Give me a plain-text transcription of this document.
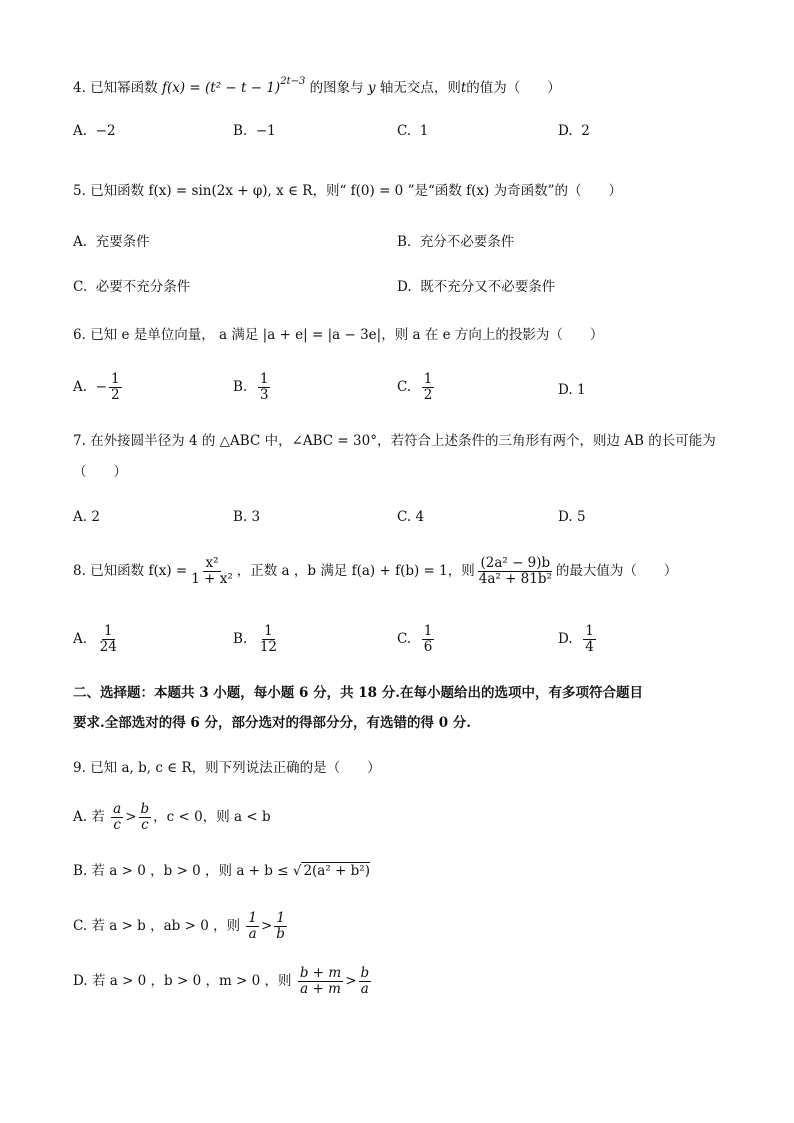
4. 已知幂函数 $f(x) = (t^2 - t - 1)^{2t-3}$ 的图象与 y 轴无交点，则t的值为（　　）
A. −2	B. −1	C. 1	D. 2
5. 已知函数 f(x) = sin(2x + φ), x ∈ R，则“ f(0) = 0 ”是“函数 f(x) 为奇函数”的（　　）
A. 充要条件	B. 充分不必要条件
C. 必要不充分条件	D. 既不充分又不必要条件
6. 已知 e 是单位向量， a 满足 |a + e| = |a − 3e|，则 a 在 e 方向上的投影为（　　）
A. − $\frac{1}{2}$	B. $\frac{1}{3}$	C. $\frac{1}{2}$	D. 1
7. 在外接圆半径为 4 的 △ABC 中，∠ABC = 30°，若符合上述条件的三角形有两个，则边 AB 的长可能为
（　　）
A. 2	B. 3	C. 4	D. 5
8. 已知函数 $f(x) = \frac{\text{x²}}{\text{1 + x²}}$ ，正数 a ，b 满足 f(a) + f(b) = 1，则 $\frac{\text{(2a² − 9)b}}{\text{4a² + 81b²}}$ 的最大值为（　　）
A. $\frac{1}{24}$	B. $\frac{1}{12}$	C. $\frac{1}{6}$	D. $\frac{1}{4}$
二、选择题：本题共 3 小题，每小题 6 分，共 18 分.在每小题给出的选项中，有多项符合题目
要求.全部选对的得 6 分，部分选对的得部分分，有选错的得 0 分.
9. 已知 a, b, c ∈ R，则下列说法正确的是（　　）
A. 若 $\frac{a}{c} > \frac{b}{c}$ ，c < 0，则 a < b
B. 若 a > 0 ，b > 0 ，则 a + b ≤ √ 2(a² + b²)
C. 若 a > b ，ab > 0 ，则 $\frac{1}{a} > \frac{1}{b}$
D. 若 a > 0 ，b > 0 ，m > 0 ，则 $\frac{b + m}{a + m} > \frac{b}{a}$
